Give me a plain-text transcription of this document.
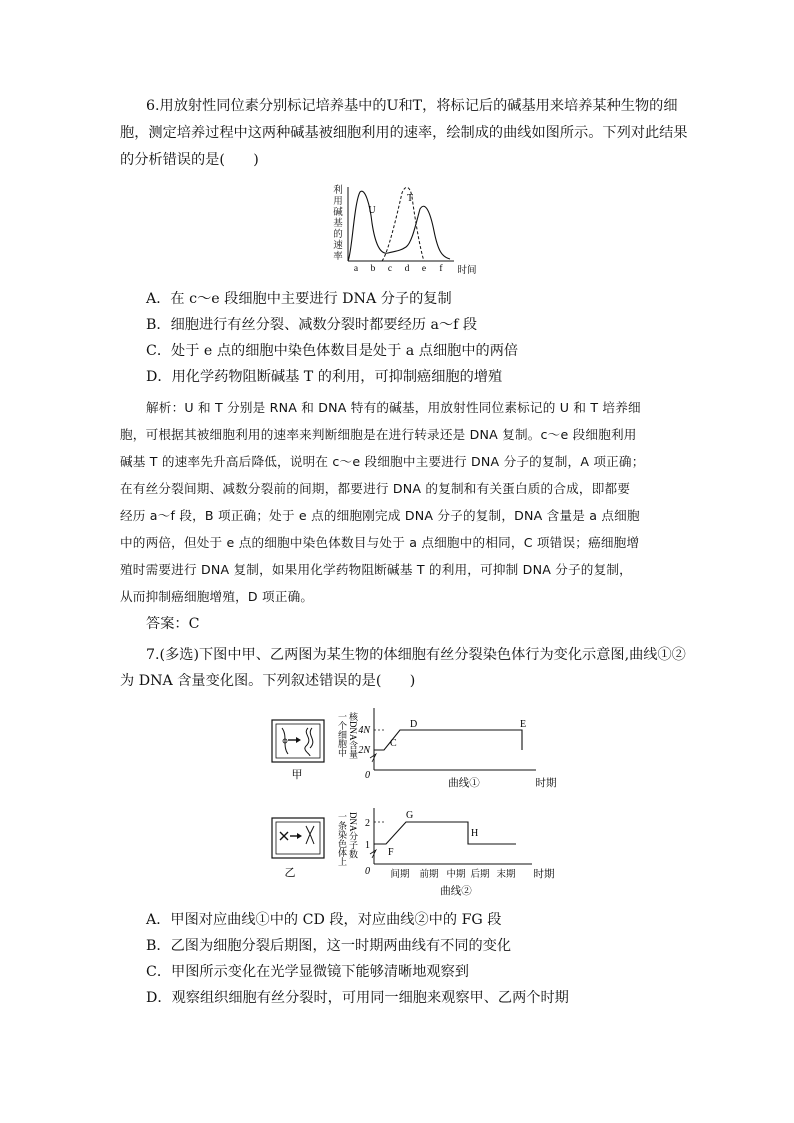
6.用放射性同位素分别标记培养基中的U和T，将标记后的碱基用来培养某种生物的细
胞，测定培养过程中这两种碱基被细胞利用的速率，绘制成的曲线如图所示。下列对此结果
的分析错误的是(　　)
利
用
碱
基
的
速
率
U
T
a b c d e f 时间
A．在 c～e 段细胞中主要进行 DNA 分子的复制
B．细胞进行有丝分裂、减数分裂时都要经历 a～f 段
C．处于 e 点的细胞中染色体数目是处于 a 点细胞中的两倍
D．用化学药物阻断碱基 T 的利用，可抑制癌细胞的增殖
解析：U 和 T 分别是 RNA 和 DNA 特有的碱基，用放射性同位素标记的 U 和 T 培养细
胞，可根据其被细胞利用的速率来判断细胞是在进行转录还是 DNA 复制。c～e 段细胞利用
碱基 T 的速率先升高后降低，说明在 c～e 段细胞中主要进行 DNA 分子的复制，A 项正确；
在有丝分裂间期、减数分裂前的间期，都要进行 DNA 的复制和有关蛋白质的合成，即都要
经历 a～f 段，B 项正确；处于 e 点的细胞刚完成 DNA 分子的复制，DNA 含量是 a 点细胞
中的两倍，但处于 e 点的细胞中染色体数目与处于 a 点细胞中的相同，C 项错误；癌细胞增
殖时需要进行 DNA 复制，如果用化学药物阻断碱基 T 的利用，可抑制 DNA 分子的复制，
从而抑制癌细胞增殖，D 项正确。
答案：C
7.(多选)下图中甲、乙两图为某生物的体细胞有丝分裂染色体行为变化示意图,曲线①②
为 DNA 含量变化图。下列叙述错误的是(　　)
甲
一个细胞中 核DNA含量 4N
2N
0
C
D	E
曲线①	时期
乙
一条染色体上 DNA分子数 2
1
0
F
G
H
间期 前期 中期 后期 末期 时期
曲线②
A．甲图对应曲线①中的 CD 段，对应曲线②中的 FG 段
B．乙图为细胞分裂后期图，这一时期两曲线有不同的变化
C．甲图所示变化在光学显微镜下能够清晰地观察到
D．观察组织细胞有丝分裂时，可用同一细胞来观察甲、乙两个时期
